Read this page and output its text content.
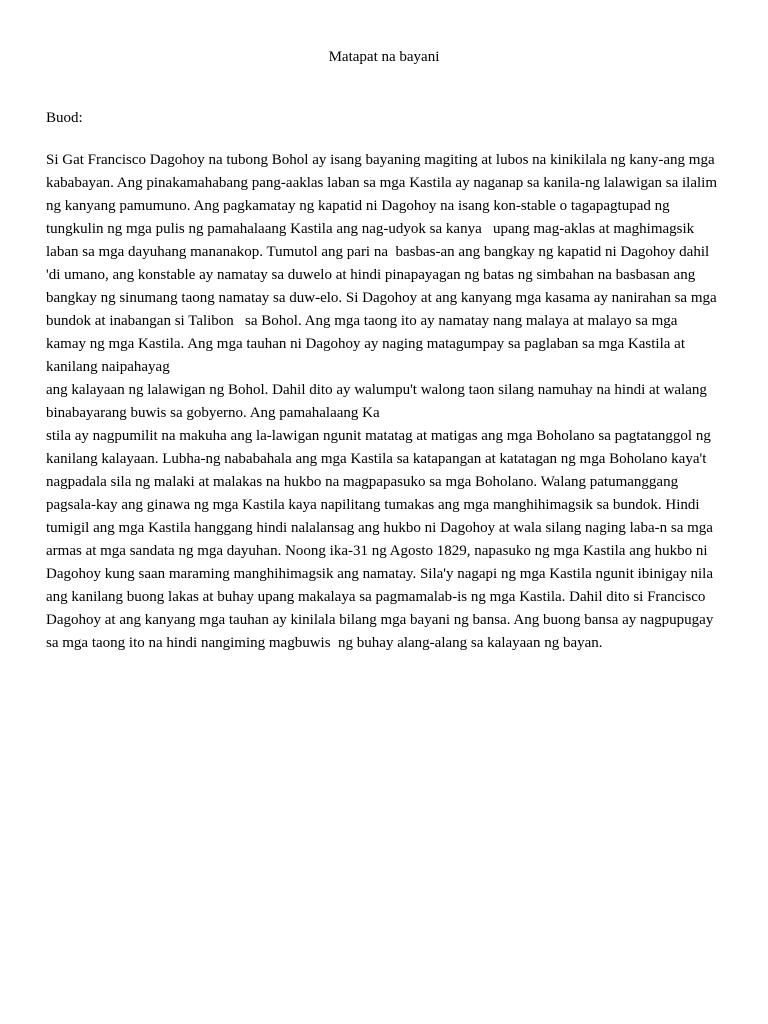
Matapat na bayani
Buod:
Si Gat Francisco Dagohoy na tubong Bohol ay isang bayaning magiting at lubos na kinikilala ng kany-ang mga
kababayan. Ang pinakamahabang pang-aaklas laban sa mga Kastila ay naganap sa kanila-ng lalawigan sa ilalim
ng kanyang pamumuno. Ang pagkamatay ng kapatid ni Dagohoy na isang kon-stable o tagapagtupad ng
tungkulin ng mga pulis ng pamahalaang Kastila ang nag-udyok sa kanya   upang mag-aklas at maghimagsik
laban sa mga dayuhang mananakop. Tumutol ang pari na  basbas-an ang bangkay ng kapatid ni Dagohoy dahil
'di umano, ang konstable ay namatay sa duwelo at hindi pinapayagan ng batas ng simbahan na basbasan ang
bangkay ng sinumang taong namatay sa duw-elo. Si Dagohoy at ang kanyang mga kasama ay nanirahan sa mga
bundok at inabangan si Talibon   sa Bohol. Ang mga taong ito ay namatay nang malaya at malayo sa mga
kamay ng mga Kastila. Ang mga tauhan ni Dagohoy ay naging matagumpay sa paglaban sa mga Kastila at
kanilang naipahayag
ang kalayaan ng lalawigan ng Bohol. Dahil dito ay walumpu't walong taon silang namuhay na hindi at walang
binabayarang buwis sa gobyerno. Ang pamahalaang Ka
stila ay nagpumilit na makuha ang la-lawigan ngunit matatag at matigas ang mga Boholano sa pagtatanggol ng
kanilang kalayaan. Lubha-ng nababahala ang mga Kastila sa katapangan at katatagan ng mga Boholano kaya't
nagpadala sila ng malaki at malakas na hukbo na magpapasuko sa mga Boholano. Walang patumanggang
pagsala-kay ang ginawa ng mga Kastila kaya napilitang tumakas ang mga manghihimagsik sa bundok. Hindi
tumigil ang mga Kastila hanggang hindi nalalansag ang hukbo ni Dagohoy at wala silang naging laba-n sa mga
armas at mga sandata ng mga dayuhan. Noong ika-31 ng Agosto 1829, napasuko ng mga Kastila ang hukbo ni
Dagohoy kung saan maraming manghihimagsik ang namatay. Sila'y nagapi ng mga Kastila ngunit ibinigay nila
ang kanilang buong lakas at buhay upang makalaya sa pagmamalab-is ng mga Kastila. Dahil dito si Francisco
Dagohoy at ang kanyang mga tauhan ay kinilala bilang mga bayani ng bansa. Ang buong bansa ay nagpupugay
sa mga taong ito na hindi nangiming magbuwis  ng buhay alang-alang sa kalayaan ng bayan.
